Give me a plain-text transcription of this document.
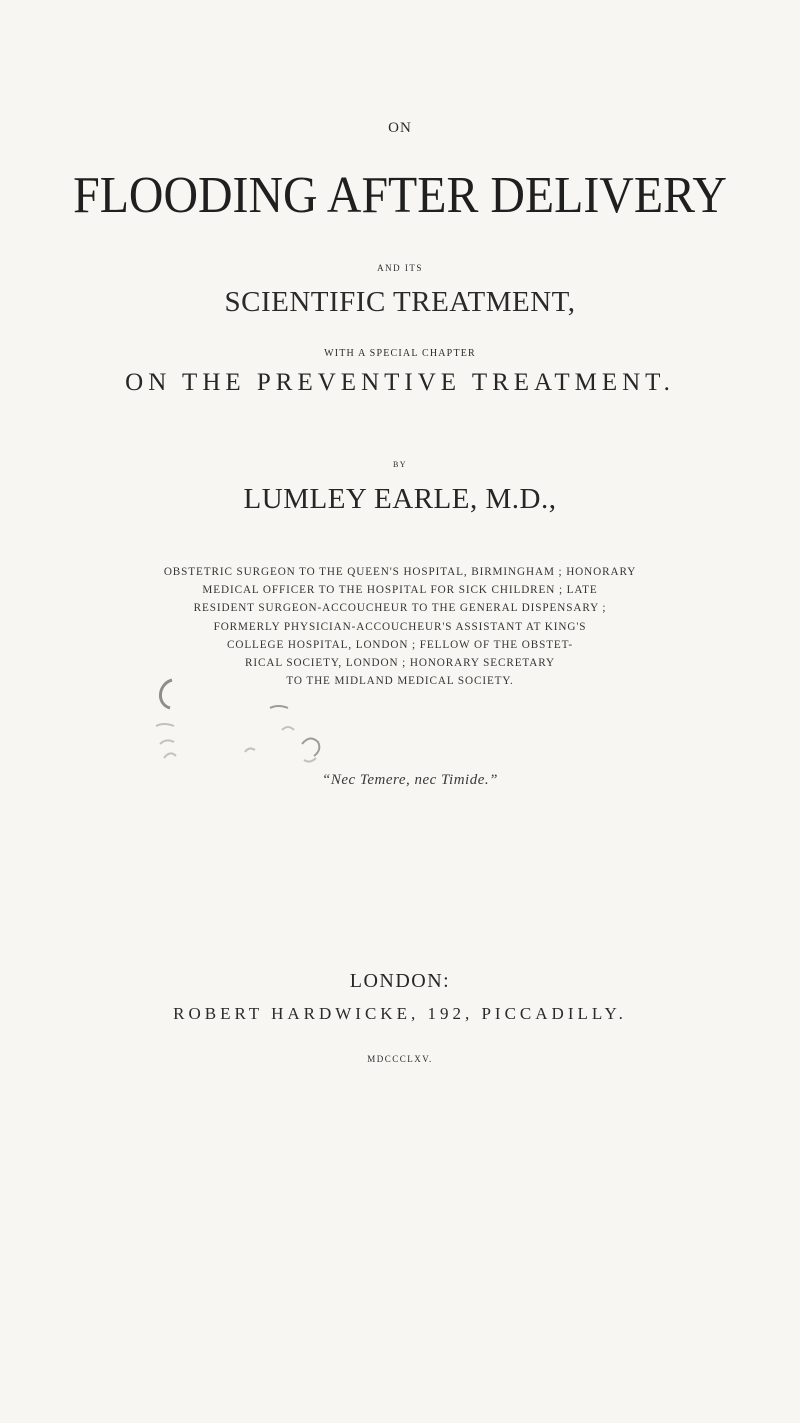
ON
FLOODING AFTER DELIVERY
AND ITS
SCIENTIFIC TREATMENT,
WITH A SPECIAL CHAPTER
ON THE PREVENTIVE TREATMENT.
BY
LUMLEY EARLE, M.D.,
OBSTETRIC SURGEON TO THE QUEEN'S HOSPITAL, BIRMINGHAM ; HONORARY
MEDICAL OFFICER TO THE HOSPITAL FOR SICK CHILDREN ; LATE
RESIDENT SURGEON-ACCOUCHEUR TO THE GENERAL DISPENSARY ;
FORMERLY PHYSICIAN-ACCOUCHEUR'S ASSISTANT AT KING'S
COLLEGE HOSPITAL, LONDON ; FELLOW OF THE OBSTET-
RICAL SOCIETY, LONDON ; HONORARY SECRETARY
TO THE MIDLAND MEDICAL SOCIETY.
“Nec Temere, nec Timide.”
LONDON:
ROBERT HARDWICKE, 192, PICCADILLY.
MDCCCLXV.
